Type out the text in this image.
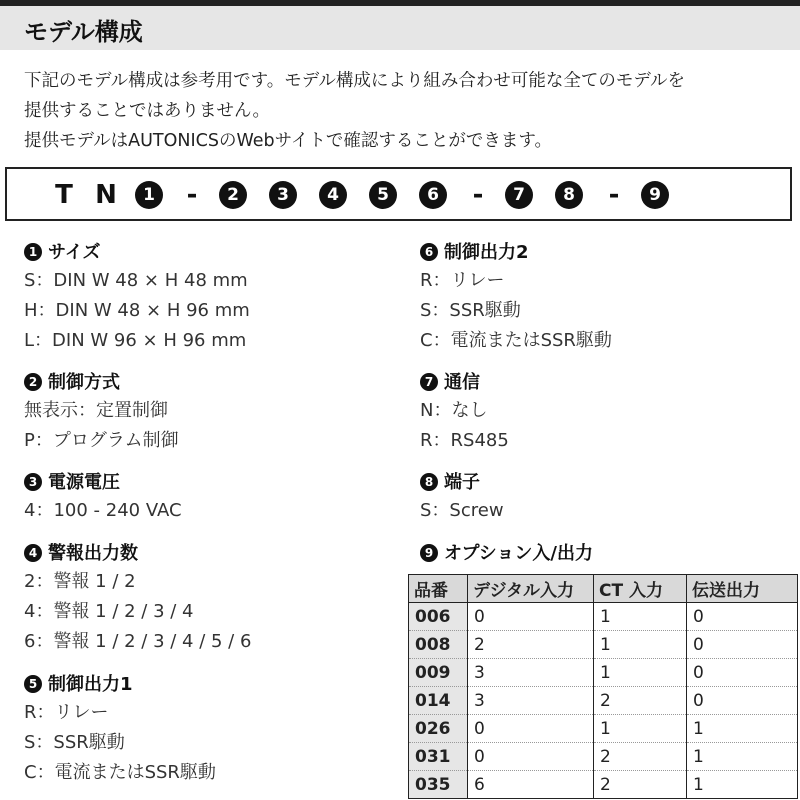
モデル構成
下記のモデル構成は参考用です。モデル構成により組み合わせ可能な全てのモデルを
提供することではありません。
提供モデルはAUTONICSのWebサイトで確認することができます。
T N	1	-	2	3	4	5	6	-	7	8	-	9
1 サイズ
S：DIN W 48 × H 48 mm
H：DIN W 48 × H 96 mm
L：DIN W 96 × H 96 mm
2 制御方式
無表示：定置制御
P：プログラム制御
3 電源電圧
4：100 - 240 VAC
4 警報出力数
2：警報 1 / 2
4：警報 1 / 2 / 3 / 4
6：警報 1 / 2 / 3 / 4 / 5 / 6
5 制御出力1
R：リレー
S：SSR駆動
C：電流またはSSR駆動
6 制御出力2
R：リレー
S：SSR駆動
C：電流またはSSR駆動
7 通信
N：なし
R：RS485
8 端子
S：Screw
9 オプション入/出力
品番	デジタル入力	CT 入力	伝送出力
006	0	1	0
008	2	1	0
009	3	1	0
014	3	2	0
026	0	1	1
031	0	2	1
035	6	2	1
